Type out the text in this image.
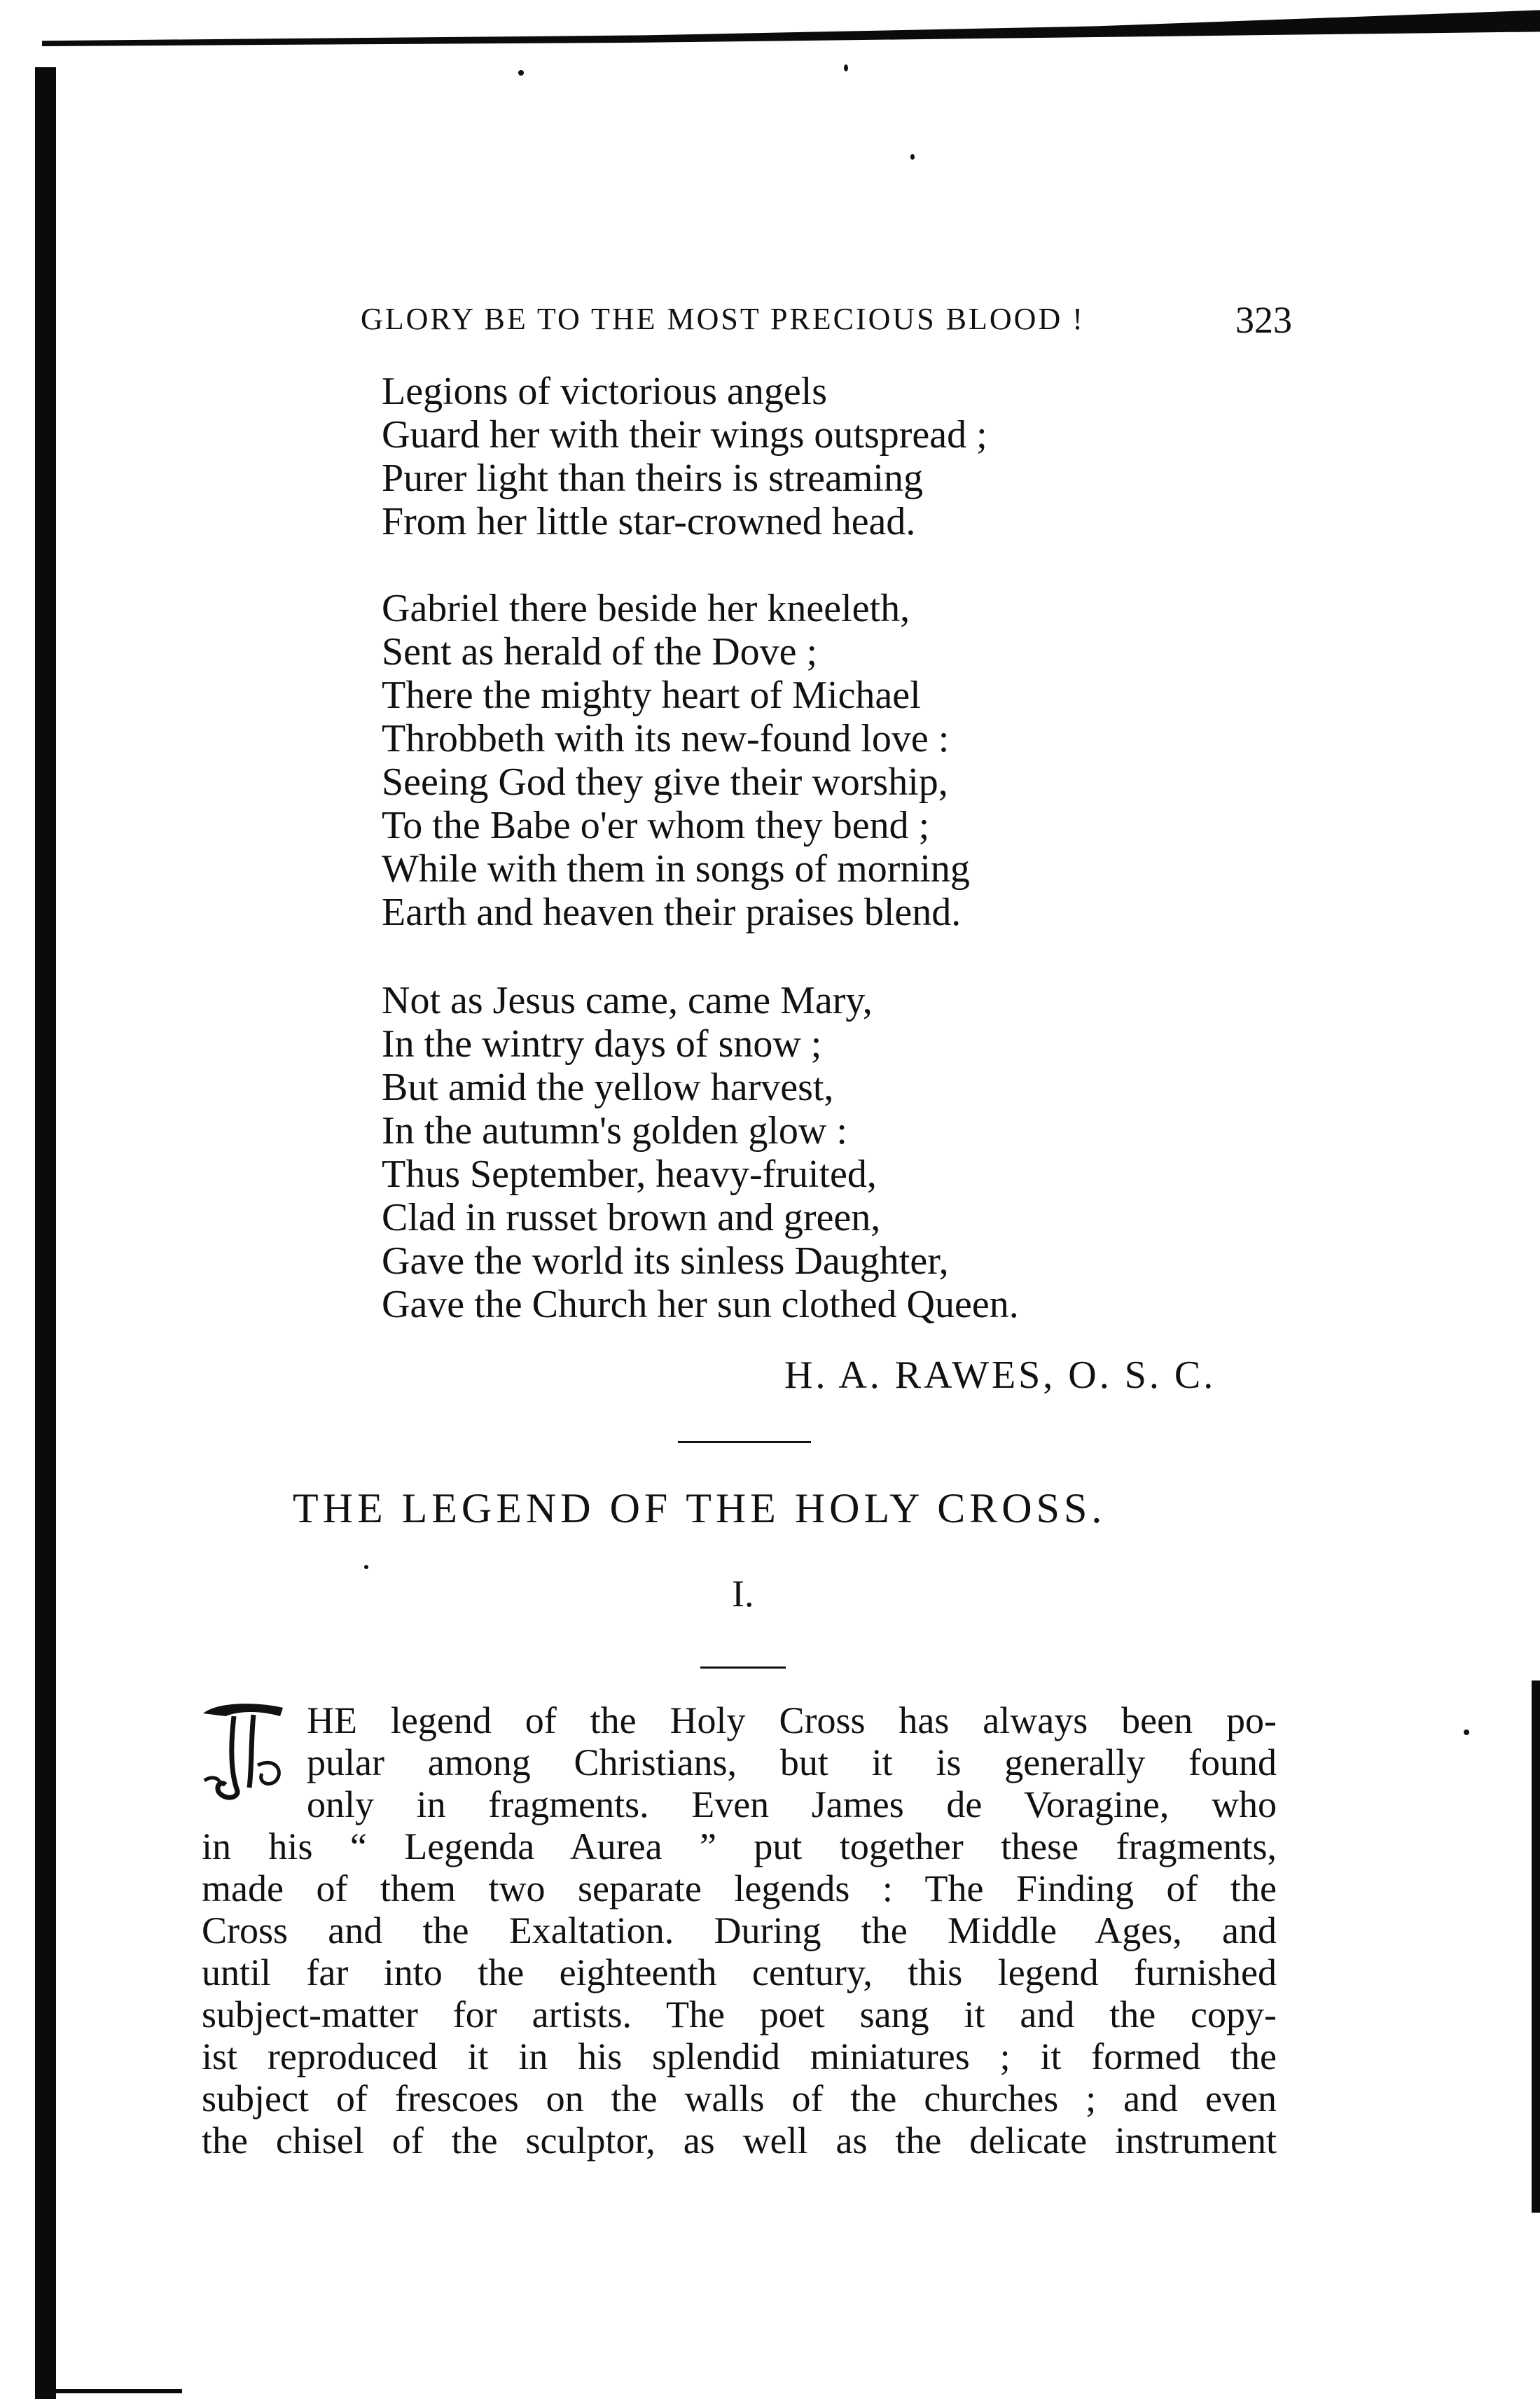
GLORY BE TO THE MOST PRECIOUS BLOOD !	323
Legions of victorious angels
Guard her with their wings outspread ;
Purer light than theirs is streaming
From her little star-crowned head.
Gabriel there beside her kneeleth,
Sent as herald of the Dove ;
There the mighty heart of Michael
Throbbeth with its new-found love :
Seeing God they give their worship,
To the Babe o'er whom they bend ;
While with them in songs of morning
Earth and heaven their praises blend.
Not as Jesus came, came Mary,
In the wintry days of snow ;
But amid the yellow harvest,
In the autumn's golden glow :
Thus September, heavy-fruited,
Clad in russet brown and green,
Gave the world its sinless Daughter,
Gave the Church her sun clothed Queen.
H. A. RAWES, O. S. C.
THE LEGEND OF THE HOLY CROSS.
I.
HE legend of the Holy Cross has always been po-
pular among Christians, but it is generally found
only in fragments. Even James de Voragine, who
in his “ Legenda Aurea ” put together these fragments,
made of them two separate legends : The Finding of the
Cross and the Exaltation. During the Middle Ages, and
until far into the eighteenth century, this legend furnished
subject-matter for artists. The poet sang it and the copy-
ist reproduced it in his splendid miniatures ; it formed the
subject of frescoes on the walls of the churches ; and even
the chisel of the sculptor, as well as the delicate instrument
